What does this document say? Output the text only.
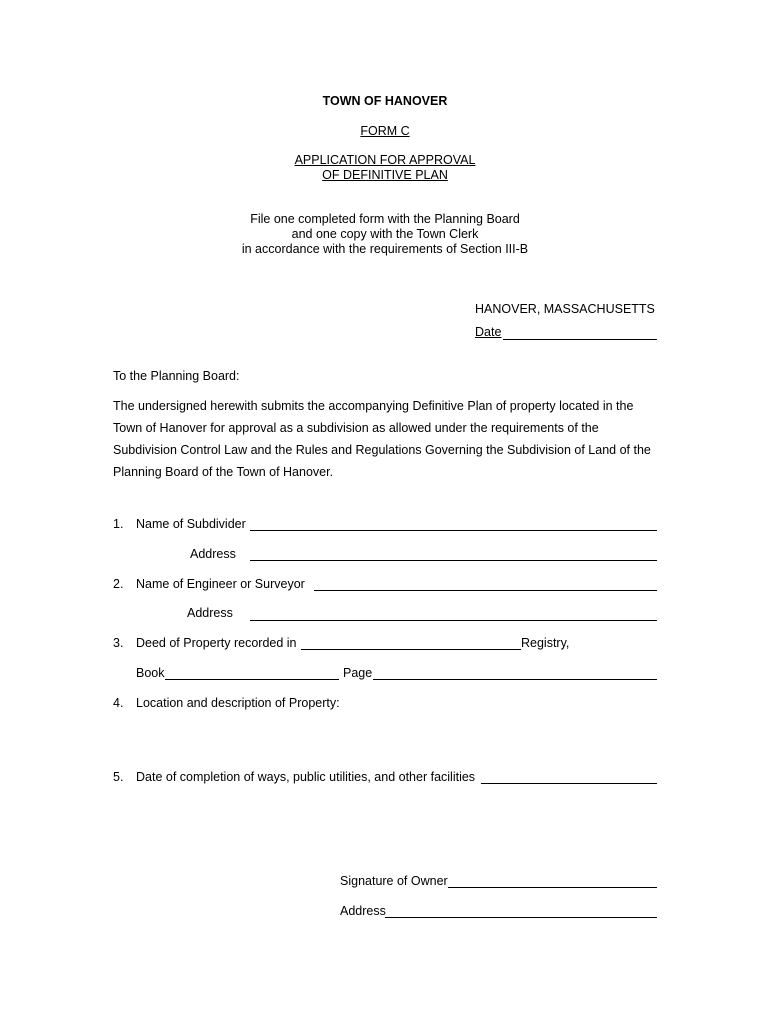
TOWN OF HANOVER
FORM C
APPLICATION FOR APPROVAL
OF DEFINITIVE PLAN
File one completed form with the Planning Board
and one copy with the Town Clerk
in accordance with the requirements of Section III-B
HANOVER, MASSACHUSETTS
Date
To the Planning Board:
The undersigned herewith submits the accompanying Definitive Plan of property located in the Town of Hanover for approval as a subdivision as allowed under the requirements of the Subdivision Control Law and the Rules and Regulations Governing the Subdivision of Land of the Planning Board of the Town of Hanover.
1. Name of Subdivider
Address
2. Name of Engineer or Surveyor
Address
3. Deed of Property recorded in	Registry,
Book	Page
4. Location and description of Property:
5. Date of completion of ways, public utilities, and other facilities
Signature of Owner
Address
